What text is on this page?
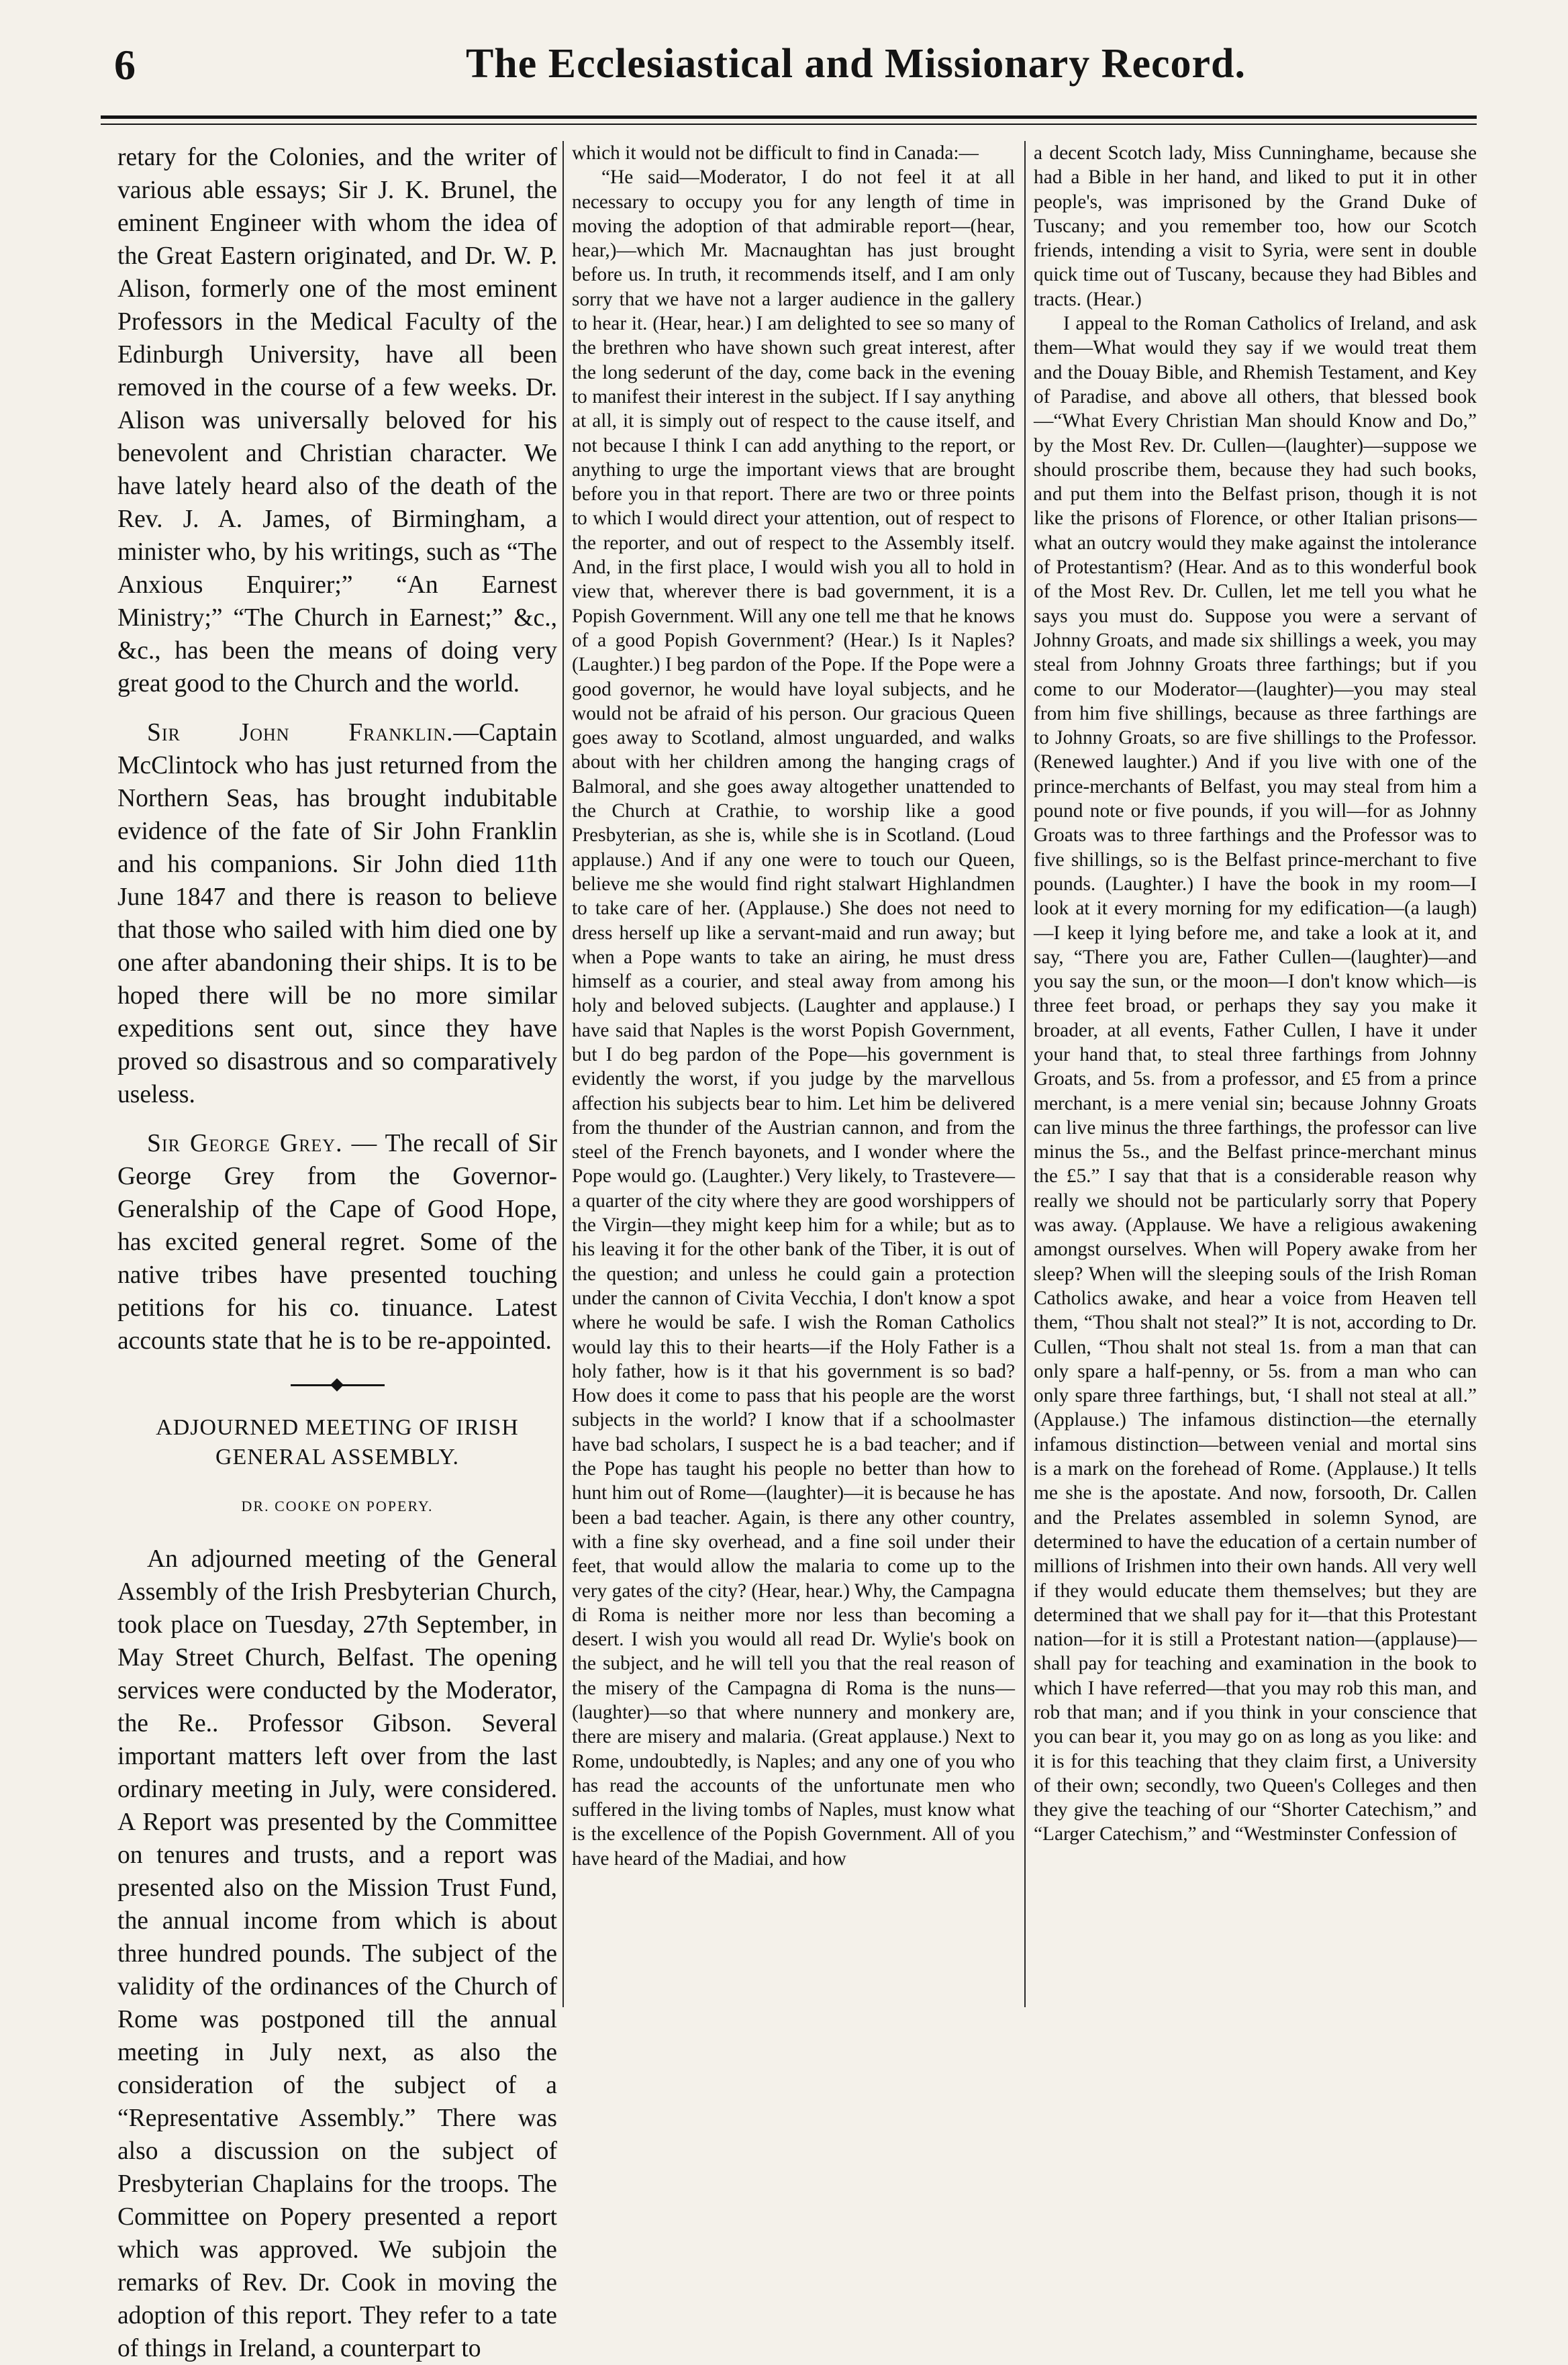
6	The Ecclesiastical and Missionary Record.

retary for the Colonies, and the writer of various able essays; Sir J. K. Brunel, the eminent Engineer with whom the idea of the Great Eastern originated, and Dr. W. P. Alison, formerly one of the most eminent Professors in the Medical Faculty of the Edinburgh University, have all been removed in the course of a few weeks. Dr. Alison was universally beloved for his benevolent and Christian character. We have lately heard also of the death of the Rev. J. A. James, of Birmingham, a minister who, by his writings, such as “The Anxious Enquirer;” “An Earnest Ministry;” “The Church in Earnest;” &c., &c., has been the means of doing very great good to the Church and the world.

Sir John Franklin.—Captain McClintock who has just returned from the Northern Seas, has brought indubitable evidence of the fate of Sir John Franklin and his companions. Sir John died 11th June 1847 and there is reason to believe that those who sailed with him died one by one after abandoning their ships. It is to be hoped there will be no more similar expeditions sent out, since they have proved so disastrous and so comparatively useless.

Sir George Grey. — The recall of Sir George Grey from the Governor-Generalship of the Cape of Good Hope, has excited general regret. Some of the native tribes have presented touching petitions for his co. tinuance. Latest accounts state that he is to be re-appointed.

ADJOURNED MEETING OF IRISH GENERAL ASSEMBLY.

DR. COOKE ON POPERY.

An adjourned meeting of the General Assembly of the Irish Presbyterian Church, took place on Tuesday, 27th September, in May Street Church, Belfast. The opening services were conducted by the Moderator, the Re.. Professor Gibson. Several important matters left over from the last ordinary meeting in July, were considered. A Report was presented by the Committee on tenures and trusts, and a report was presented also on the Mission Trust Fund, the annual income from which is about three hundred pounds. The subject of the validity of the ordinances of the Church of Rome was postponed till the annual meeting in July next, as also the consideration of the subject of a “Representative Assembly.” There was also a discussion on the subject of Presbyterian Chaplains for the troops. The Committee on Popery presented a report which was approved. We subjoin the remarks of Rev. Dr. Cook in moving the adoption of this report. They refer to a tate of things in Ireland, a counterpart to

which it would not be difficult to find in Canada:—

“He said—Moderator, I do not feel it at all necessary to occupy you for any length of time in moving the adoption of that admirable report—(hear, hear,)—which Mr. Macnaughtan has just brought before us. In truth, it recommends itself, and I am only sorry that we have not a larger audience in the gallery to hear it. (Hear, hear.) I am delighted to see so many of the brethren who have shown such great interest, after the long sederunt of the day, come back in the evening to manifest their interest in the subject. If I say anything at all, it is simply out of respect to the cause itself, and not because I think I can add anything to the report, or anything to urge the important views that are brought before you in that report. There are two or three points to which I would direct your attention, out of respect to the reporter, and out of respect to the Assembly itself. And, in the first place, I would wish you all to hold in view that, wherever there is bad government, it is a Popish Government. Will any one tell me that he knows of a good Popish Government? (Hear.) Is it Naples? (Laughter.) I beg pardon of the Pope. If the Pope were a good governor, he would have loyal subjects, and he would not be afraid of his person. Our gracious Queen goes away to Scotland, almost unguarded, and walks about with her children among the hanging crags of Balmoral, and she goes away altogether unattended to the Church at Crathie, to worship like a good Presbyterian, as she is, while she is in Scotland. (Loud applause.) And if any one were to touch our Queen, believe me she would find right stalwart Highlandmen to take care of her. (Applause.) She does not need to dress herself up like a servant-maid and run away; but when a Pope wants to take an airing, he must dress himself as a courier, and steal away from among his holy and beloved subjects. (Laughter and applause.) I have said that Naples is the worst Popish Government, but I do beg pardon of the Pope—his government is evidently the worst, if you judge by the marvellous affection his subjects bear to him. Let him be delivered from the thunder of the Austrian cannon, and from the steel of the French bayonets, and I wonder where the Pope would go. (Laughter.) Very likely, to Trastevere—a quarter of the city where they are good worshippers of the Virgin—they might keep him for a while; but as to his leaving it for the other bank of the Tiber, it is out of the question; and unless he could gain a protection under the cannon of Civita Vecchia, I don't know a spot where he would be safe. I wish the Roman Catholics would lay this to their hearts—if the Holy Father is a holy father, how is it that his government is so bad? How does it come to pass that his people are the worst subjects in the world? I know that if a schoolmaster have bad scholars, I suspect he is a bad teacher; and if the Pope has taught his people no better than how to hunt him out of Rome—(laughter)—it is because he has been a bad teacher. Again, is there any other country, with a fine sky overhead, and a fine soil under their feet, that would allow the malaria to come up to the very gates of the city? (Hear, hear.) Why, the Campagna di Roma is neither more nor less than becoming a desert. I wish you would all read Dr. Wylie's book on the subject, and he will tell you that the real reason of the misery of the Campagna di Roma is the nuns—(laughter)—so that where nunnery and monkery are, there are misery and malaria. (Great applause.) Next to Rome, undoubtedly, is Naples; and any one of you who has read the accounts of the unfortunate men who suffered in the living tombs of Naples, must know what is the excellence of the Popish Government. All of you have heard of the Madiai, and how

a decent Scotch lady, Miss Cunninghame, because she had a Bible in her hand, and liked to put it in other people's, was imprisoned by the Grand Duke of Tuscany; and you remember too, how our Scotch friends, intending a visit to Syria, were sent in double quick time out of Tuscany, because they had Bibles and tracts. (Hear.)

I appeal to the Roman Catholics of Ireland, and ask them—What would they say if we would treat them and the Douay Bible, and Rhemish Testament, and Key of Paradise, and above all others, that blessed book—“What Every Christian Man should Know and Do,” by the Most Rev. Dr. Cullen—(laughter)—suppose we should proscribe them, because they had such books, and put them into the Belfast prison, though it is not like the prisons of Florence, or other Italian prisons—what an outcry would they make against the intolerance of Protestantism? (Hear. And as to this wonderful book of the Most Rev. Dr. Cullen, let me tell you what he says you must do. Suppose you were a servant of Johnny Groats, and made six shillings a week, you may steal from Johnny Groats three farthings; but if you come to our Moderator—(laughter)—you may steal from him five shillings, because as three farthings are to Johnny Groats, so are five shillings to the Professor. (Renewed laughter.) And if you live with one of the prince-merchants of Belfast, you may steal from him a pound note or five pounds, if you will—for as Johnny Groats was to three farthings and the Professor was to five shillings, so is the Belfast prince-merchant to five pounds. (Laughter.) I have the book in my room—I look at it every morning for my edification—(a laugh)—I keep it lying before me, and take a look at it, and say, “There you are, Father Cullen—(laughter)—and you say the sun, or the moon—I don't know which—is three feet broad, or perhaps they say you make it broader, at all events, Father Cullen, I have it under your hand that, to steal three farthings from Johnny Groats, and 5s. from a professor, and £5 from a prince merchant, is a mere venial sin; because Johnny Groats can live minus the three farthings, the professor can live minus the 5s., and the Belfast prince-merchant minus the £5.” I say that that is a considerable reason why really we should not be particularly sorry that Popery was away. (Applause. We have a religious awakening amongst ourselves. When will Popery awake from her sleep? When will the sleeping souls of the Irish Roman Catholics awake, and hear a voice from Heaven tell them, “Thou shalt not steal?” It is not, according to Dr. Cullen, “Thou shalt not steal 1s. from a man that can only spare a half-penny, or 5s. from a man who can only spare three farthings, but, ‘I shall not steal at all.” (Applause.) The infamous distinction—the eternally infamous distinction—between venial and mortal sins is a mark on the forehead of Rome. (Applause.) It tells me she is the apostate. And now, forsooth, Dr. Callen and the Prelates assembled in solemn Synod, are determined to have the education of a certain number of millions of Irishmen into their own hands. All very well if they would educate them themselves; but they are determined that we shall pay for it—that this Protestant nation—for it is still a Protestant nation—(applause)—shall pay for teaching and examination in the book to which I have referred—that you may rob this man, and rob that man; and if you think in your conscience that you can bear it, you may go on as long as you like: and it is for this teaching that they claim first, a University of their own; secondly, two Queen's Colleges and then they give the teaching of our “Shorter Catechism,” and “Larger Catechism,” and “Westminster Confession of
